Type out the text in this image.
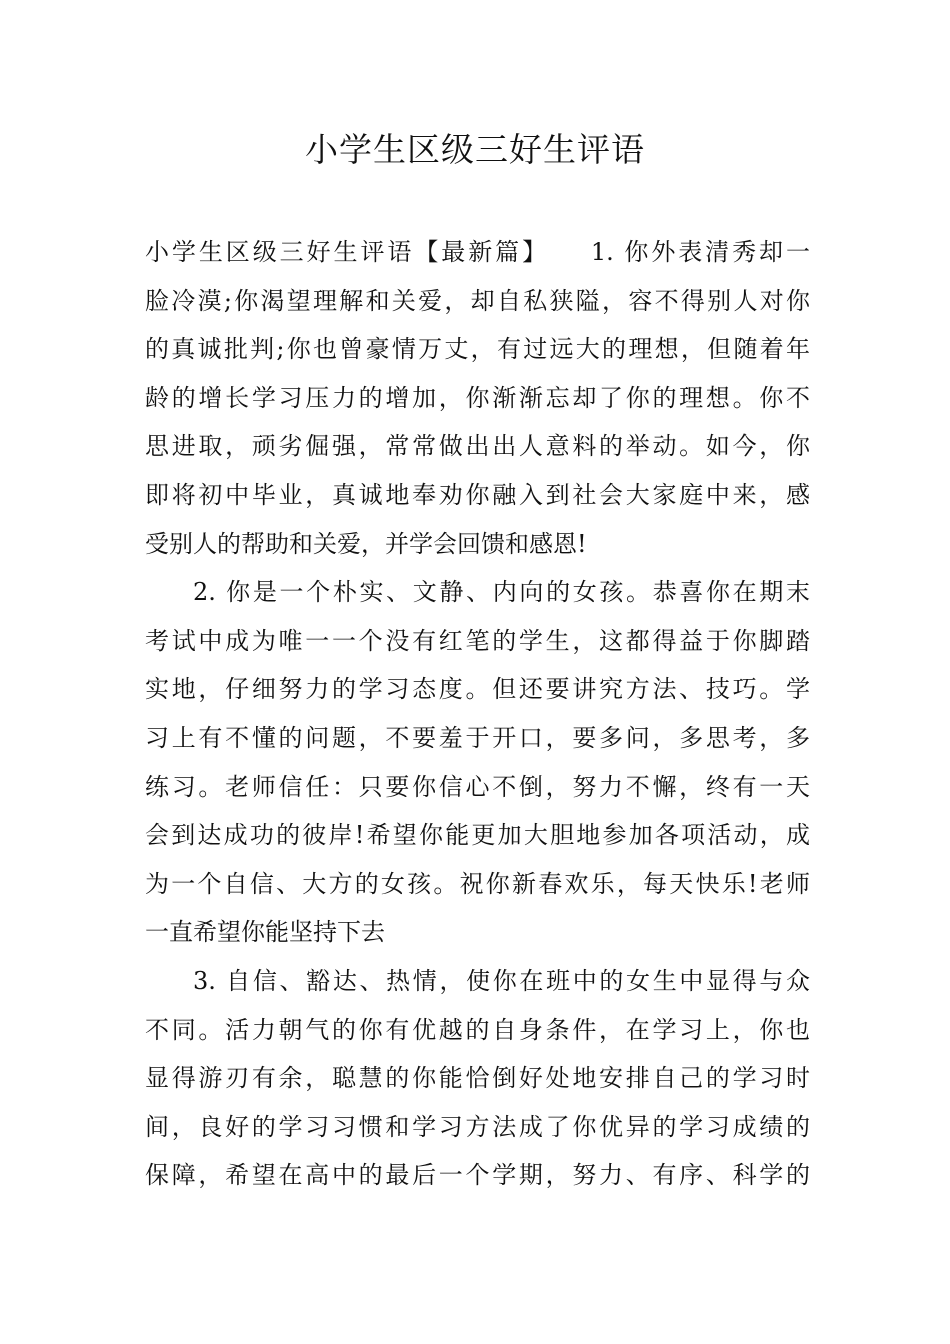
小学生区级三好生评语
小学生区级三好生评语【最新篇】　　1. 你外表清秀却一
脸冷漠;你渴望理解和关爱，却自私狭隘，容不得别人对你
的真诚批判;你也曾豪情万丈，有过远大的理想，但随着年
龄的增长学习压力的增加，你渐渐忘却了你的理想。你不
思进取，顽劣倔强，常常做出出人意料的举动。如今，你
即将初中毕业，真诚地奉劝你融入到社会大家庭中来，感
受别人的帮助和关爱，并学会回馈和感恩!
2. 你是一个朴实、文静、内向的女孩。恭喜你在期末
考试中成为唯一一个没有红笔的学生，这都得益于你脚踏
实地，仔细努力的学习态度。但还要讲究方法、技巧。学
习上有不懂的问题，不要羞于开口，要多问，多思考，多
练习。老师信任：只要你信心不倒，努力不懈，终有一天
会到达成功的彼岸!希望你能更加大胆地参加各项活动，成
为一个自信、大方的女孩。祝你新春欢乐，每天快乐!老师
一直希望你能坚持下去
3. 自信、豁达、热情，使你在班中的女生中显得与众
不同。活力朝气的你有优越的自身条件，在学习上，你也
显得游刃有余，聪慧的你能恰倒好处地安排自己的学习时
间，良好的学习习惯和学习方法成了你优异的学习成绩的
保障，希望在高中的最后一个学期，努力、有序、科学的
